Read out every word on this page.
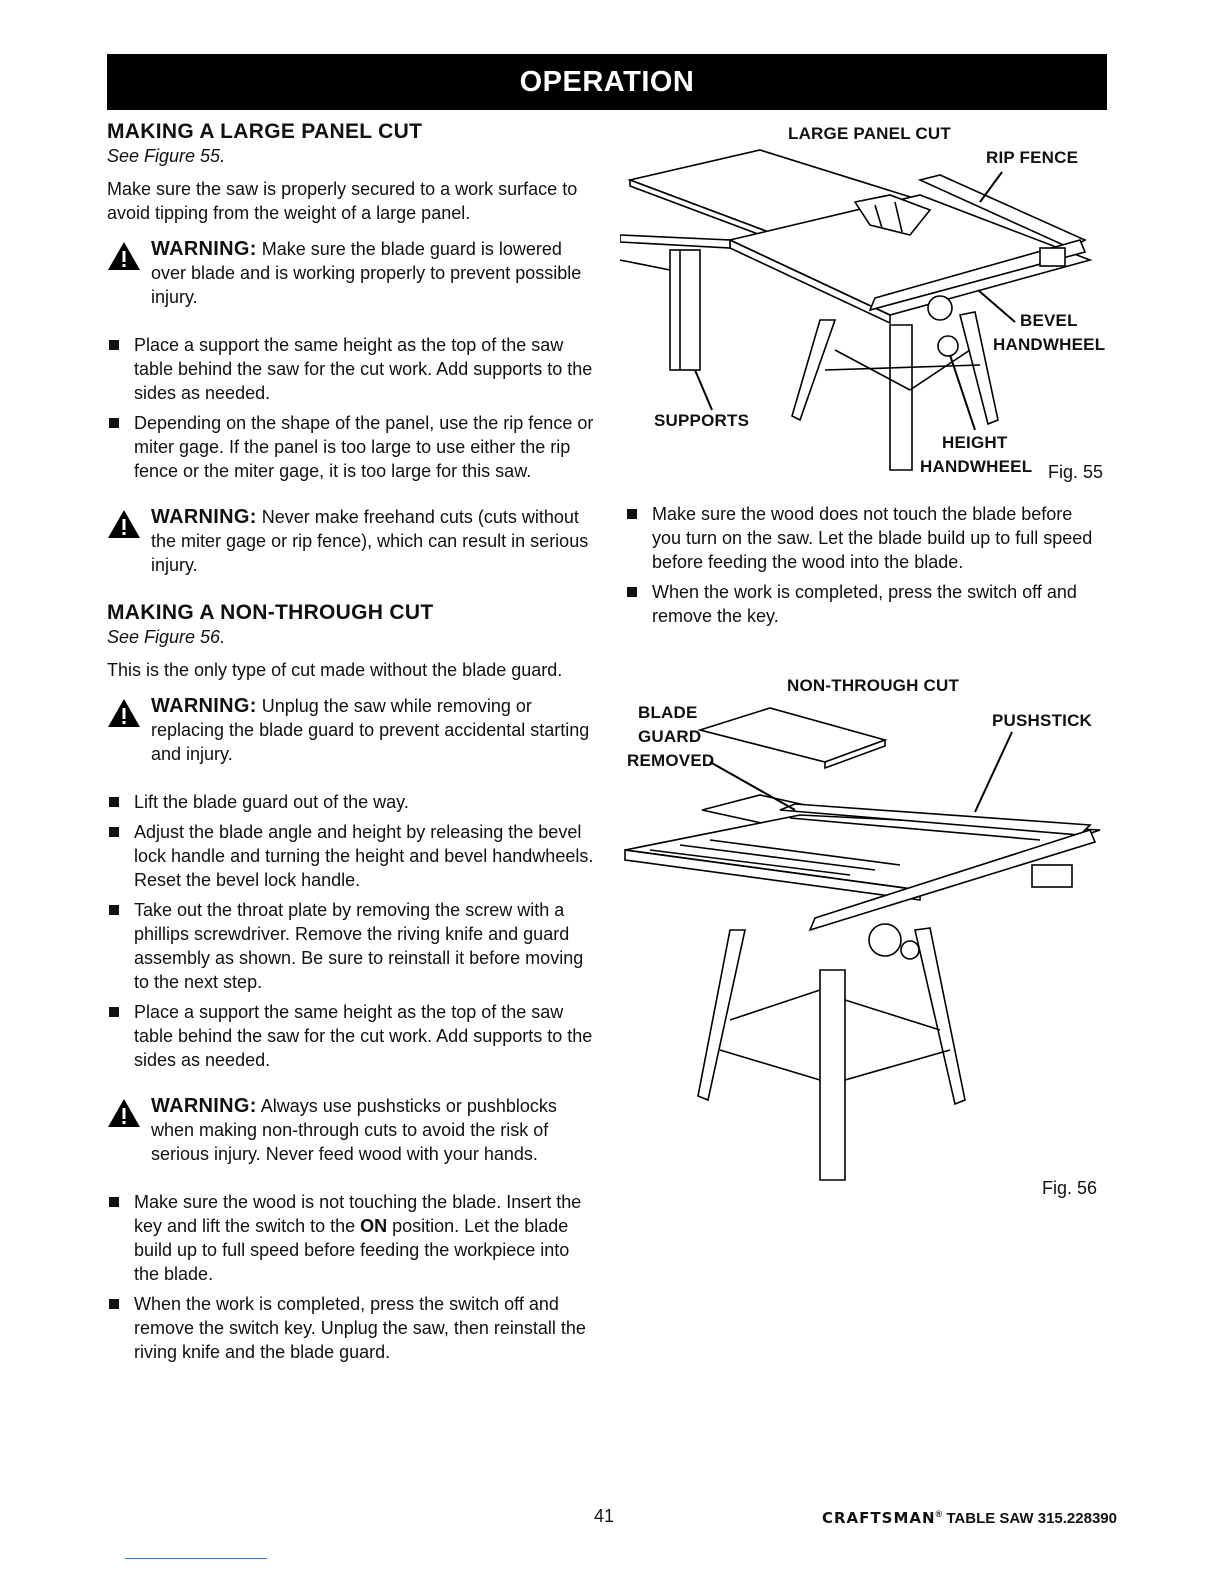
OPERATION
MAKING A LARGE PANEL CUT
See Figure 55.

Make sure the saw is properly secured to a work surface to avoid tipping from the weight of a large panel.

WARNING: Make sure the blade guard is lowered over blade and is working properly to prevent possible injury.
Place a support the same height as the top of the saw table behind the saw for the cut work. Add supports to the sides as needed.
Depending on the shape of the panel, use the rip fence or miter gage. If the panel is too large to use either the rip fence or the miter gage, it is too large for this saw.
WARNING: Never make freehand cuts (cuts without the miter gage or rip fence), which can result in serious injury.
MAKING A NON-THROUGH CUT
See Figure 56.

This is the only type of cut made without the blade guard.

WARNING: Unplug the saw while removing or replacing the blade guard to prevent accidental starting and injury.
Lift the blade guard out of the way.
Adjust the blade angle and height by releasing the bevel lock handle and turning the height and bevel handwheels. Reset the bevel lock handle.
Take out the throat plate by removing the screw with a phillips screwdriver. Remove the riving knife and guard assembly as shown. Be sure to reinstall it before moving to the next step.
Place a support the same height as the top of the saw table behind the saw for the cut work. Add supports to the sides as needed.
WARNING: Always use pushsticks or pushblocks when making non-through cuts to avoid the risk of serious injury. Never feed wood with your hands.
Make sure the wood is not touching the blade. Insert the key and lift the switch to the ON position. Let the blade build up to full speed before feeding the workpiece into the blade.
When the work is completed, press the switch off and remove the switch key. Unplug the saw, then reinstall the riving knife and the blade guard.
LARGE PANEL CUT
RIP FENCE
BEVEL
HANDWHEEL
SUPPORTS
HEIGHT
HANDWHEEL Fig. 55
Make sure the wood does not touch the blade before you turn on the saw. Let the blade build up to full speed before feeding the wood into the blade.
When the work is completed, press the switch off and remove the key.
NON-THROUGH CUT
BLADE
GUARD
REMOVED
PUSHSTICK
Fig. 56
41	CRAFTSMAN® TABLE SAW 315.228390
